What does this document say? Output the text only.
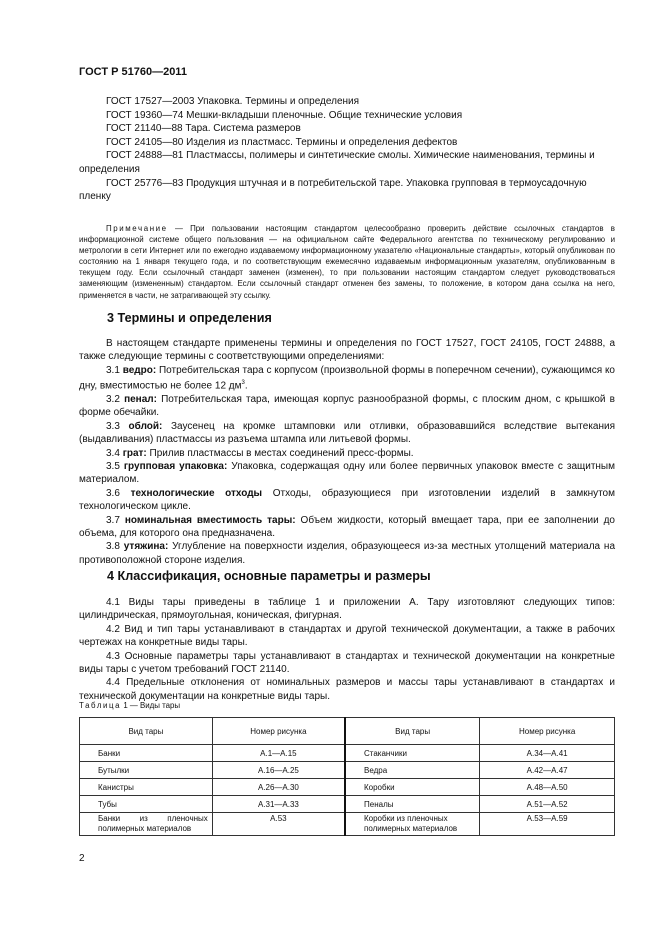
ГОСТ Р 51760—2011

ГОСТ 17527—2003 Упаковка. Термины и определения

ГОСТ 19360—74 Мешки-вкладыши пленочные. Общие технические условия

ГОСТ 21140—88 Тара. Система размеров

ГОСТ 24105—80 Изделия из пластмасс. Термины и определения дефектов

ГОСТ 24888—81 Пластмассы, полимеры и синтетические смолы. Химические наименования, термины и определения

ГОСТ 25776—83 Продукция штучная и в потребительской таре. Упаковка групповая в термоусадочную пленку

Примечание — При пользовании настоящим стандартом целесообразно проверить действие ссылочных стандартов в информационной системе общего пользования — на официальном сайте Федерального агентства по техническому регулированию и метрологии в сети Интернет или по ежегодно издаваемому информационному указателю «Национальные стандарты», который опубликован по состоянию на 1 января текущего года, и по соответствующим ежемесячно издаваемым информационным указателям, опубликованным в текущем году. Если ссылочный стандарт заменен (изменен), то при пользовании настоящим стандартом следует руководствоваться заменяющим (измененным) стандартом. Если ссылочный стандарт отменен без замены, то положение, в котором дана ссылка на него, применяется в части, не затрагивающей эту ссылку.

3 Термины и определения

В настоящем стандарте применены термины и определения по ГОСТ 17527, ГОСТ 24105, ГОСТ 24888, а также следующие термины с соответствующими определениями:

3.1 ведро: Потребительская тара с корпусом (произвольной формы в поперечном сечении), сужающимся ко дну, вместимостью не более 12 $дм^3$.

3.2 пенал: Потребительская тара, имеющая корпус разнообразной формы, с плоским дном, с крышкой в форме обечайки.

3.3 облой: Заусенец на кромке штамповки или отливки, образовавшийся вследствие вытекания (выдавливания) пластмассы из разъема штампа или литьевой формы.

3.4 грат: Прилив пластмассы в местах соединений пресс-формы.

3.5 групповая упаковка: Упаковка, содержащая одну или более первичных упаковок вместе с защитным материалом.

3.6 технологические отходы Отходы, образующиеся при изготовлении изделий в замкнутом технологическом цикле.

3.7 номинальная вместимость тары: Объем жидкости, который вмещает тара, при ее заполнении до объема, для которого она предназначена.

3.8 утяжина: Углубление на поверхности изделия, образующееся из-за местных утолщений материала на противоположной стороне изделия.

4 Классификация, основные параметры и размеры

4.1 Виды тары приведены в таблице 1 и приложении А. Тару изготовляют следующих типов: цилиндрическая, прямоугольная, коническая, фигурная.

4.2 Вид и тип тары устанавливают в стандартах и другой технической документации, а также в рабочих чертежах на конкретные виды тары.

4.3 Основные параметры тары устанавливают в стандартах и технической документации на конкретные виды тары с учетом требований ГОСТ 21140.

4.4 Предельные отклонения от номинальных размеров и массы тары устанавливают в стандартах и технической документации на конкретные виды тары.

Таблица 1 — Виды тары
Вид тары	Номер рисунка	Вид тары	Номер рисунка
Банки	А.1—А.15	Стаканчики	А.34—А.41
Бутылки	А.16—А.25	Ведра	А.42—А.47
Канистры	А.26—А.30	Коробки	А.48—А.50
Тубы	А.31—А.33	Пеналы	А.51—А.52
Банки из пленочных полимерных материалов	А.53	Коробки из пленочных полимерных материалов	А.53—А.59
2
